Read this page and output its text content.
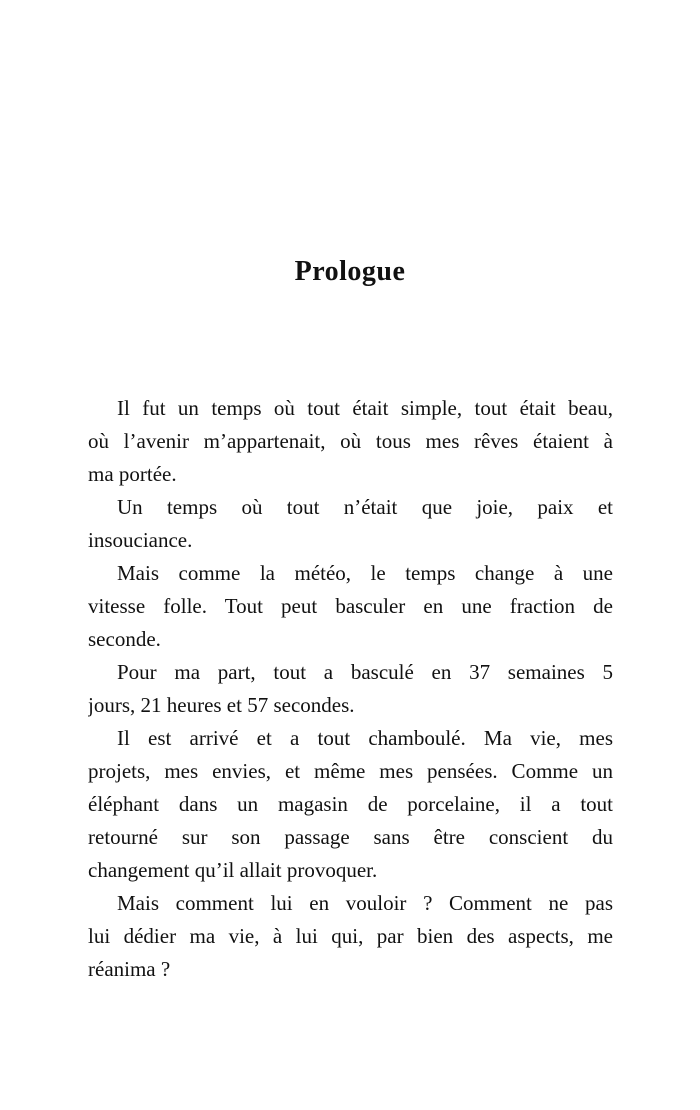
Prologue
Il fut un temps où tout était simple, tout était beau,
où l’avenir m’appartenait, où tous mes rêves étaient à
ma portée.
Un temps où tout n’était que joie, paix et
insouciance.
Mais comme la météo, le temps change à une
vitesse folle. Tout peut basculer en une fraction de
seconde.
Pour ma part, tout a basculé en 37 semaines 5
jours, 21 heures et 57 secondes.
Il est arrivé et a tout chamboulé. Ma vie, mes
projets, mes envies, et même mes pensées. Comme un
éléphant dans un magasin de porcelaine, il a tout
retourné sur son passage sans être conscient du
changement qu’il allait provoquer.
Mais comment lui en vouloir ? Comment ne pas
lui dédier ma vie, à lui qui, par bien des aspects, me
réanima ?
